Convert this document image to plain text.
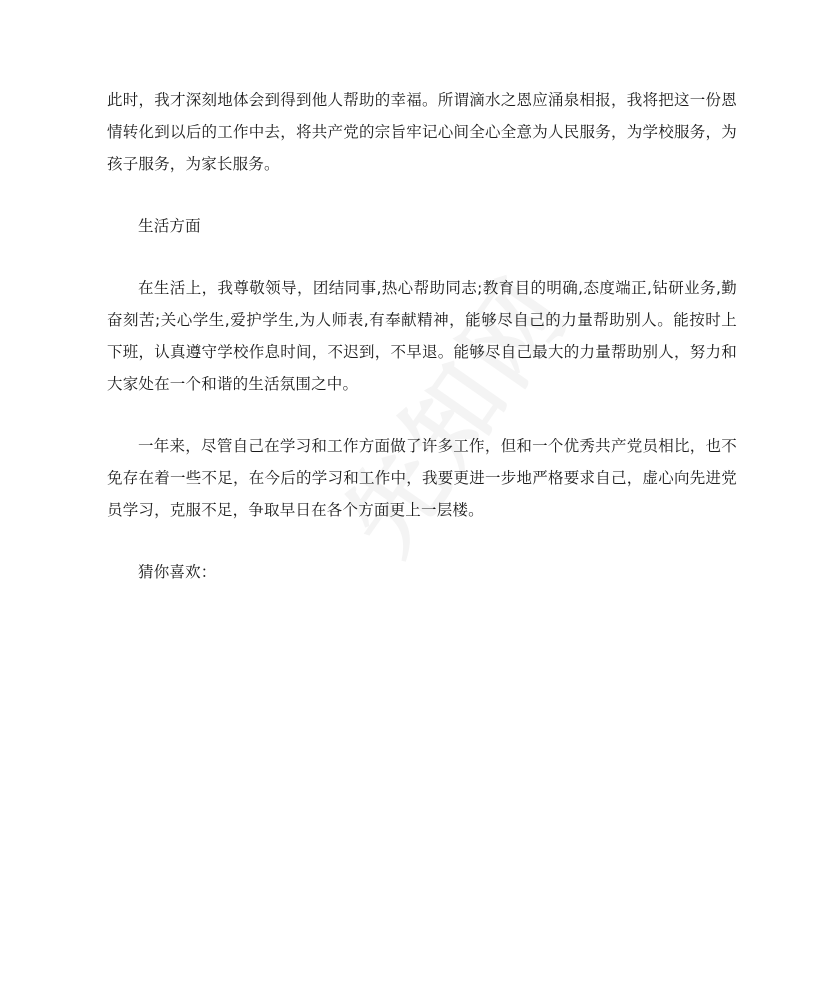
此时，我才深刻地体会到得到他人帮助的幸福。所谓滴水之恩应涌泉相报，我将把这一份恩情转化到以后的工作中去，将共产党的宗旨牢记心间全心全意为人民服务，为学校服务，为孩子服务，为家长服务。

生活方面

在生活上，我尊敬领导，团结同事,热心帮助同志;教育目的明确,态度端正,钻研业务,勤奋刻苦;关心学生,爱护学生,为人师表,有奉献精神，能够尽自己的力量帮助别人。能按时上下班，认真遵守学校作息时间，不迟到，不早退。能够尽自己最大的力量帮助别人，努力和大家处在一个和谐的生活氛围之中。

一年来，尽管自己在学习和工作方面做了许多工作，但和一个优秀共产党员相比，也不免存在着一些不足，在今后的学习和工作中，我要更进一步地严格要求自己，虚心向先进党员学习，克服不足，争取早日在各个方面更上一层楼。

猜你喜欢：
